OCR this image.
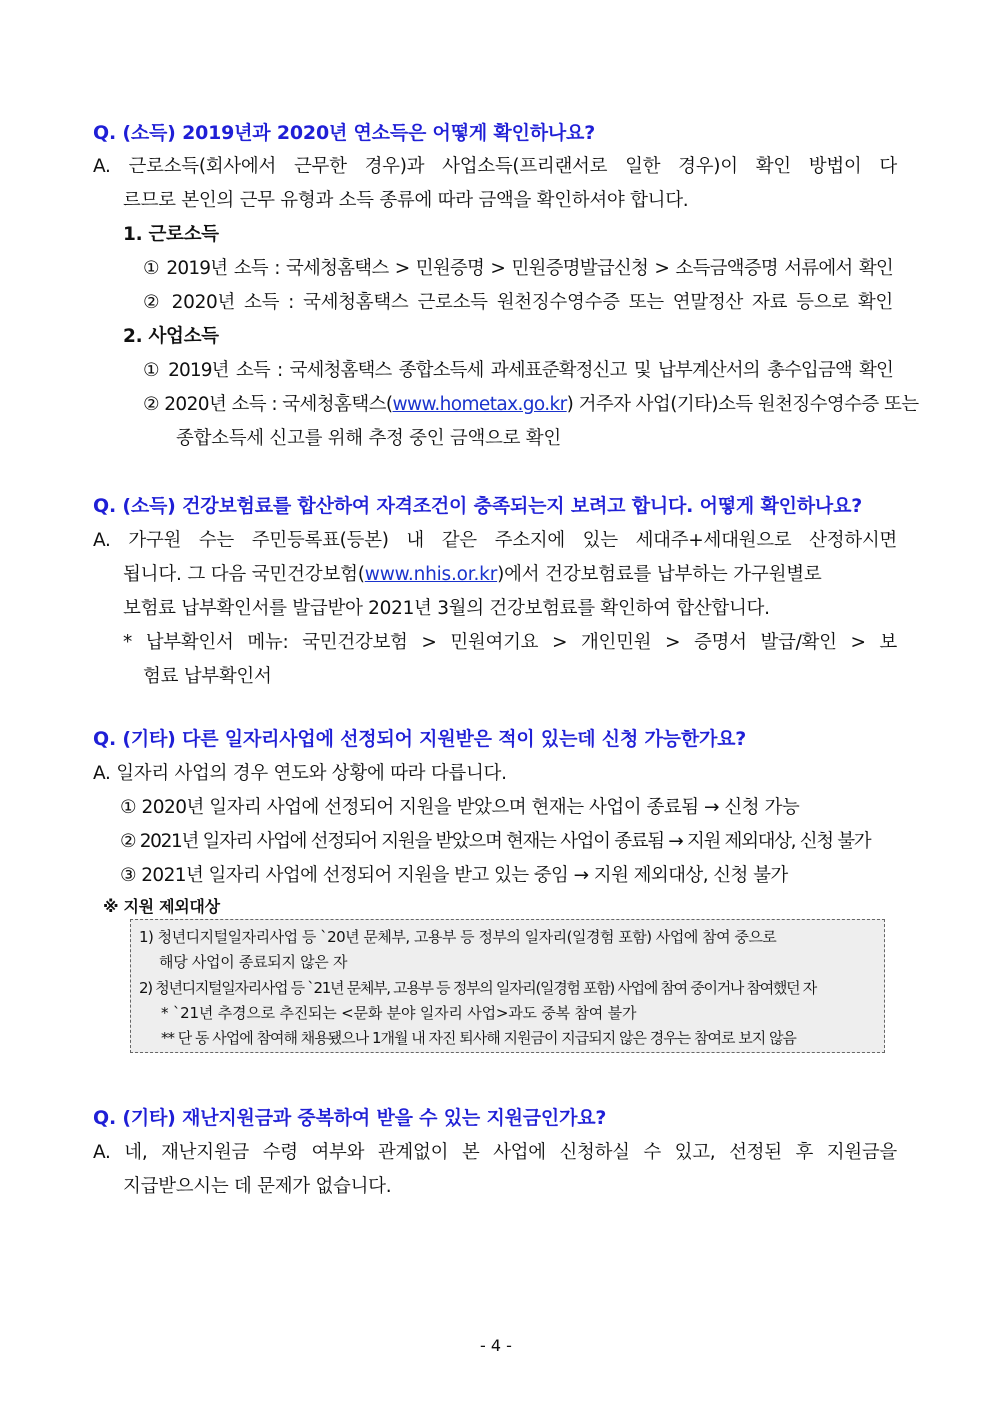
Q. (소득) 2019년과 2020년 연소득은 어떻게 확인하나요?
A. 근로소득(회사에서 근무한 경우)과 사업소득(프리랜서로 일한 경우)이 확인 방법이 다
르므로 본인의 근무 유형과 소득 종류에 따라 금액을 확인하셔야 합니다.
1. 근로소득
① 2019년 소득 : 국세청홈택스 > 민원증명 > 민원증명발급신청 > 소득금액증명 서류에서 확인
② 2020년 소득 : 국세청홈택스 근로소득 원천징수영수증 또는 연말정산 자료 등으로 확인
2. 사업소득
① 2019년 소득 : 국세청홈택스 종합소득세 과세표준확정신고 및 납부계산서의 총수입금액 확인
② 2020년 소득 : 국세청홈택스(www.hometax.go.kr) 거주자 사업(기타)소득 원천징수영수증 또는
종합소득세 신고를 위해 추정 중인 금액으로 확인
Q. (소득) 건강보험료를 합산하여 자격조건이 충족되는지 보려고 합니다. 어떻게 확인하나요?
A. 가구원 수는 주민등록표(등본) 내 같은 주소지에 있는 세대주+세대원으로 산정하시면
됩니다. 그 다음 국민건강보험(www.nhis.or.kr)에서 건강보험료를 납부하는 가구원별로
보험료 납부확인서를 발급받아 2021년 3월의 건강보험료를 확인하여 합산합니다.
* 납부확인서 메뉴: 국민건강보험 > 민원여기요 > 개인민원 > 증명서 발급/확인 > 보
험료 납부확인서
Q. (기타) 다른 일자리사업에 선정되어 지원받은 적이 있는데 신청 가능한가요?
A. 일자리 사업의 경우 연도와 상황에 따라 다릅니다.
① 2020년 일자리 사업에 선정되어 지원을 받았으며 현재는 사업이 종료됨 → 신청 가능
② 2021년 일자리 사업에 선정되어 지원을 받았으며 현재는 사업이 종료됨 → 지원 제외대상, 신청 불가
③ 2021년 일자리 사업에 선정되어 지원을 받고 있는 중임 → 지원 제외대상, 신청 불가
※ 지원 제외대상
1) 청년디지털일자리사업 등 `20년 문체부, 고용부 등 정부의 일자리(일경험 포함) 사업에 참여 중으로
해당 사업이 종료되지 않은 자
2) 청년디지털일자리사업 등 `21년 문체부, 고용부 등 정부의 일자리(일경험 포함) 사업에 참여 중이거나 참여했던 자
* `21년 추경으로 추진되는 <문화 분야 일자리 사업>과도 중복 참여 불가
** 단 동 사업에 참여해 채용됐으나 1개월 내 자진 퇴사해 지원금이 지급되지 않은 경우는 참여로 보지 않음
Q. (기타) 재난지원금과 중복하여 받을 수 있는 지원금인가요?
A. 네, 재난지원금 수령 여부와 관계없이 본 사업에 신청하실 수 있고, 선정된 후 지원금을
지급받으시는 데 문제가 없습니다.
- 4 -
